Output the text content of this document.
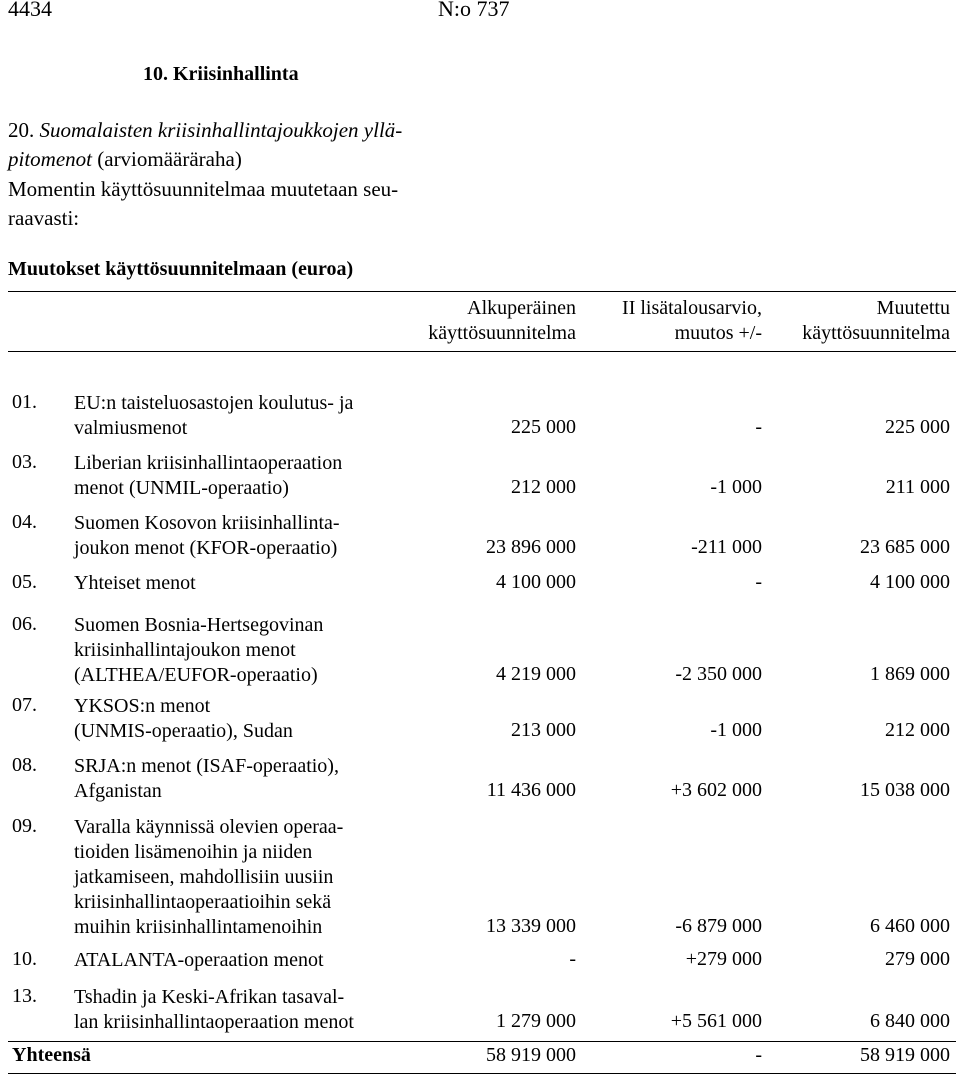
4434	N:o 737
10. Kriisinhallinta
20. Suomalaisten kriisinhallintajoukkojen yllä-
pitomenot (arviomääräraha)
Momentin käyttösuunnitelmaa muutetaan seu-
raavasti:
Muutokset käyttösuunnitelmaan (euroa)
Alkuperäinen
käyttösuunnitelma
II lisätalousarvio,
muutos +/-
Muutettu
käyttösuunnitelma
01. EU:n taisteluosastojen koulutus- ja
valmiusmenot	225 000	-	225 000
03. Liberian kriisinhallintaoperaation
menot (UNMIL-operaatio)	212 000	-1 000	211 000
04. Suomen Kosovon kriisinhallinta-
joukon menot (KFOR-operaatio)	23 896 000	-211 000	23 685 000
05. Yhteiset menot	4 100 000	-	4 100 000
06. Suomen Bosnia-Hertsegovinan
kriisinhallintajoukon menot
(ALTHEA/EUFOR-operaatio)	4 219 000	-2 350 000	1 869 000
07. YKSOS:n menot
(UNMIS-operaatio), Sudan	213 000	-1 000	212 000
08. SRJA:n menot (ISAF-operaatio),
Afganistan	11 436 000	+3 602 000	15 038 000
09. Varalla käynnissä olevien operaa-
tioiden lisämenoihin ja niiden
jatkamiseen, mahdollisiin uusiin
kriisinhallintaoperaatioihin sekä
muihin kriisinhallintamenoihin	13 339 000	-6 879 000	6 460 000
10. ATALANTA-operaation menot	-	+279 000	279 000
13. Tshadin ja Keski-Afrikan tasaval-
lan kriisinhallintaoperaation menot	1 279 000	+5 561 000	6 840 000
Yhteensä	58 919 000	-	58 919 000
